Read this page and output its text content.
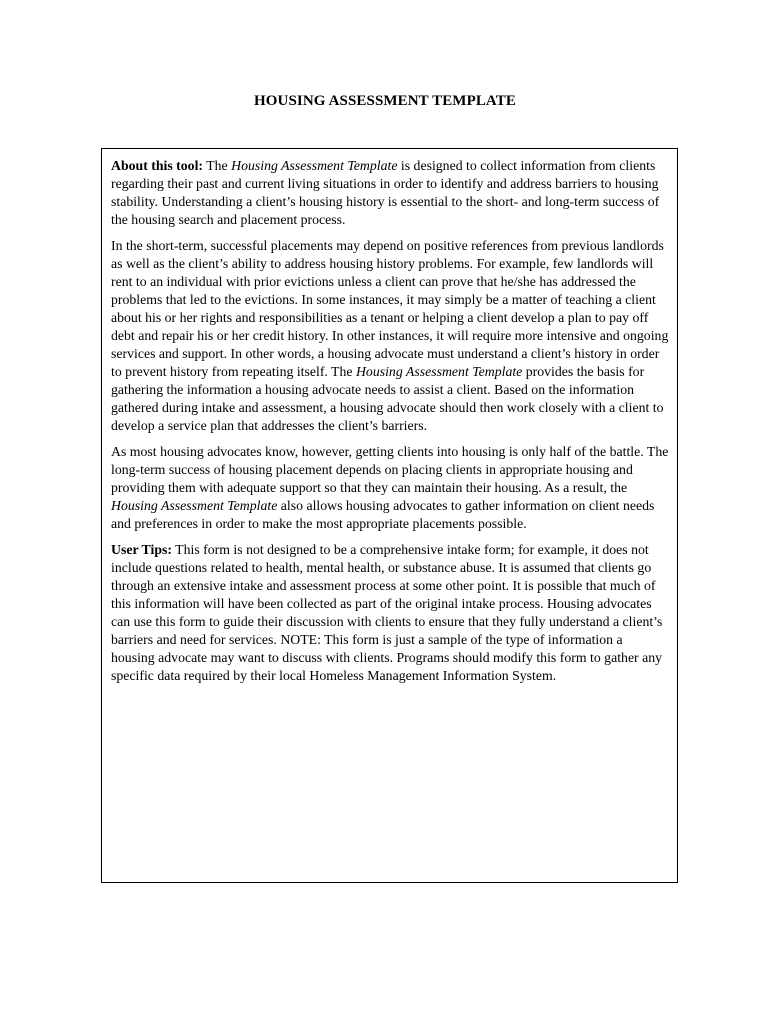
HOUSING ASSESSMENT TEMPLATE

About this tool: The Housing Assessment Template is designed to collect information from clients regarding their past and current living situations in order to identify and address barriers to housing stability. Understanding a client’s housing history is essential to the short- and long-term success of the housing search and placement process.

In the short-term, successful placements may depend on positive references from previous landlords as well as the client’s ability to address housing history problems. For example, few landlords will rent to an individual with prior evictions unless a client can prove that he/she has addressed the problems that led to the evictions. In some instances, it may simply be a matter of teaching a client about his or her rights and responsibilities as a tenant or helping a client develop a plan to pay off debt and repair his or her credit history. In other instances, it will require more intensive and ongoing services and support. In other words, a housing advocate must understand a client’s history in order to prevent history from repeating itself. The Housing Assessment Template provides the basis for gathering the information a housing advocate needs to assist a client. Based on the information gathered during intake and assessment, a housing advocate should then work closely with a client to develop a service plan that addresses the client’s barriers.

As most housing advocates know, however, getting clients into housing is only half of the battle. The long-term success of housing placement depends on placing clients in appropriate housing and providing them with adequate support so that they can maintain their housing. As a result, the Housing Assessment Template also allows housing advocates to gather information on client needs and preferences in order to make the most appropriate placements possible.

User Tips: This form is not designed to be a comprehensive intake form; for example, it does not include questions related to health, mental health, or substance abuse. It is assumed that clients go through an extensive intake and assessment process at some other point. It is possible that much of this information will have been collected as part of the original intake process. Housing advocates can use this form to guide their discussion with clients to ensure that they fully understand a client’s barriers and need for services. NOTE: This form is just a sample of the type of information a housing advocate may want to discuss with clients. Programs should modify this form to gather any specific data required by their local Homeless Management Information System.
